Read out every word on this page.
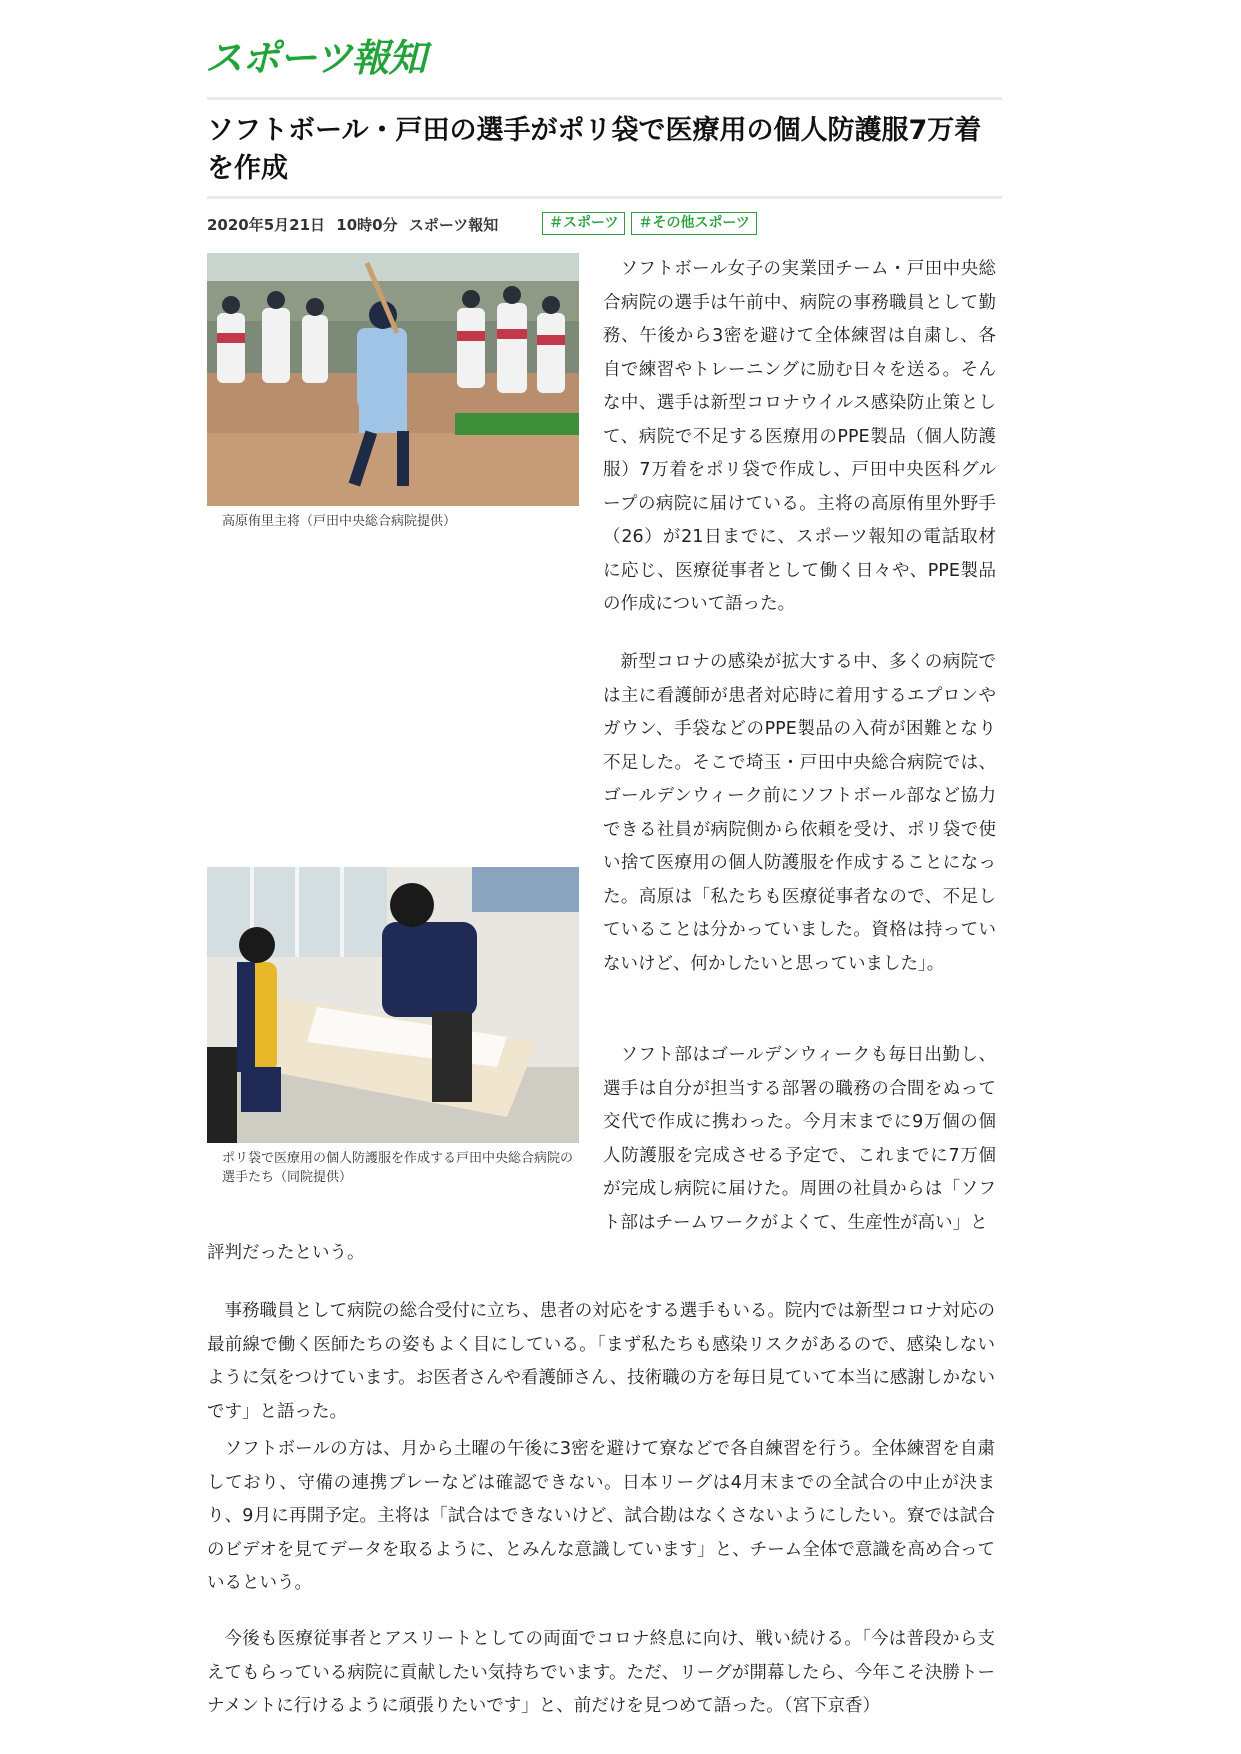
スポーツ報知
ソフトボール・戸田の選手がポリ袋で医療用の個人防護服7万着を作成
2020年5月21日 10時0分 スポーツ報知	＃スポーツ	＃その他スポーツ
高原侑里主将（戸田中央総合病院提供）
ポリ袋で医療用の個人防護服を作成する戸田中央総合病院の選手たち（同院提供）

ソフトボール女子の実業団チーム・戸田中央総合病院の選手は午前中、病院の事務職員として勤務、午後から3密を避けて全体練習は自粛し、各自で練習やトレーニングに励む日々を送る。そんな中、選手は新型コロナウイルス感染防止策として、病院で不足する医療用のPPE製品（個人防護服）7万着をポリ袋で作成し、戸田中央医科グループの病院に届けている。主将の高原侑里外野手（26）が21日までに、スポーツ報知の電話取材に応じ、医療従事者として働く日々や、PPE製品の作成について語った。

新型コロナの感染が拡大する中、多くの病院では主に看護師が患者対応時に着用するエプロンやガウン、手袋などのPPE製品の入荷が困難となり不足した。そこで埼玉・戸田中央総合病院では、ゴールデンウィーク前にソフトボール部など協力できる社員が病院側から依頼を受け、ポリ袋で使い捨て医療用の個人防護服を作成することになった。高原は「私たちも医療従事者なので、不足していることは分かっていました。資格は持っていないけど、何かしたいと思っていました」。

ソフト部はゴールデンウィークも毎日出勤し、選手は自分が担当する部署の職務の合間をぬって交代で作成に携わった。今月末までに9万個の個人防護服を完成させる予定で、これまでに7万個が完成し病院に届けた。周囲の社員からは「ソフト部はチームワークがよくて、生産性が高い」と

評判だったという。

事務職員として病院の総合受付に立ち、患者の対応をする選手もいる。院内では新型コロナ対応の最前線で働く医師たちの姿もよく目にしている。「まず私たちも感染リスクがあるので、感染しないように気をつけています。お医者さんや看護師さん、技術職の方を毎日見ていて本当に感謝しかないです」と語った。

ソフトボールの方は、月から土曜の午後に3密を避けて寮などで各自練習を行う。全体練習を自粛しており、守備の連携プレーなどは確認できない。日本リーグは4月末までの全試合の中止が決まり、9月に再開予定。主将は「試合はできないけど、試合勘はなくさないようにしたい。寮では試合のビデオを見てデータを取るように、とみんな意識しています」と、チーム全体で意識を高め合っているという。

今後も医療従事者とアスリートとしての両面でコロナ終息に向け、戦い続ける。「今は普段から支えてもらっている病院に貢献したい気持ちでいます。ただ、リーグが開幕したら、今年こそ決勝トーナメントに行けるように頑張りたいです」と、前だけを見つめて語った。（宮下京香）
